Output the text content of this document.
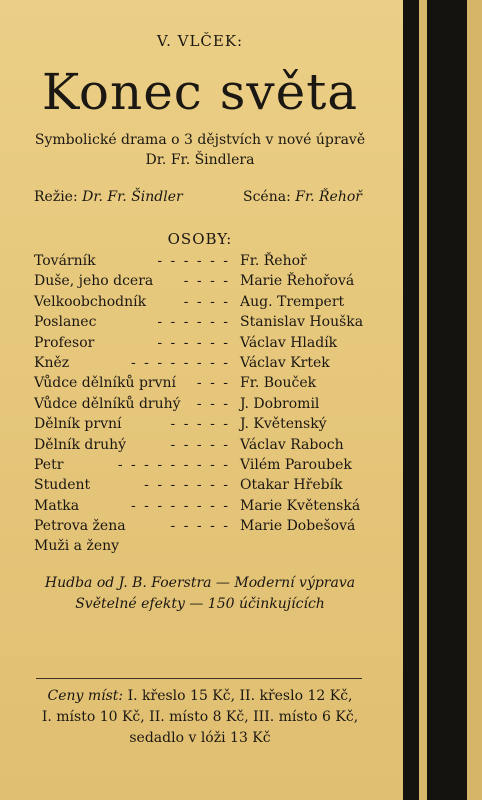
V. VLČEK:
Konec světa
Symbolické drama o 3 dějstvích v nové úpravě
Dr. Fr. Šindlera
Režie: Dr. Fr. Šindler	Scéna: Fr. Řehoř
OSOBY:
Továrník	- - - - - - Fr. Řehoř
Duše, jeho dcera	- - - - Marie Řehořová
Velkoobchodník	- - - - Aug. Trempert
Poslanec	- - - - - - Stanislav Houška
Profesor	- - - - - - Václav Hladík
Kněz	- - - - - - - - Václav Krtek
Vůdce dělníků první	- - - Fr. Bouček
Vůdce dělníků druhý	- - - J. Dobromil
Dělník první	- - - - - J. Květenský
Dělník druhý	- - - - - Václav Raboch
Petr	- - - - - - - - - Vilém Paroubek
Student	- - - - - - - Otakar Hřebík
Matka	- - - - - - - - Marie Květenská
Petrova žena	- - - - - Marie Dobešová
Muži a ženy
Hudba od J. B. Foerstra — Moderní výprava
Světelné efekty — 150 účinkujících
Ceny míst: I. křeslo 15 Kč, II. křeslo 12 Kč,
I. místo 10 Kč, II. místo 8 Kč, III. místo 6 Kč,
sedadlo v lóži 13 Kč
